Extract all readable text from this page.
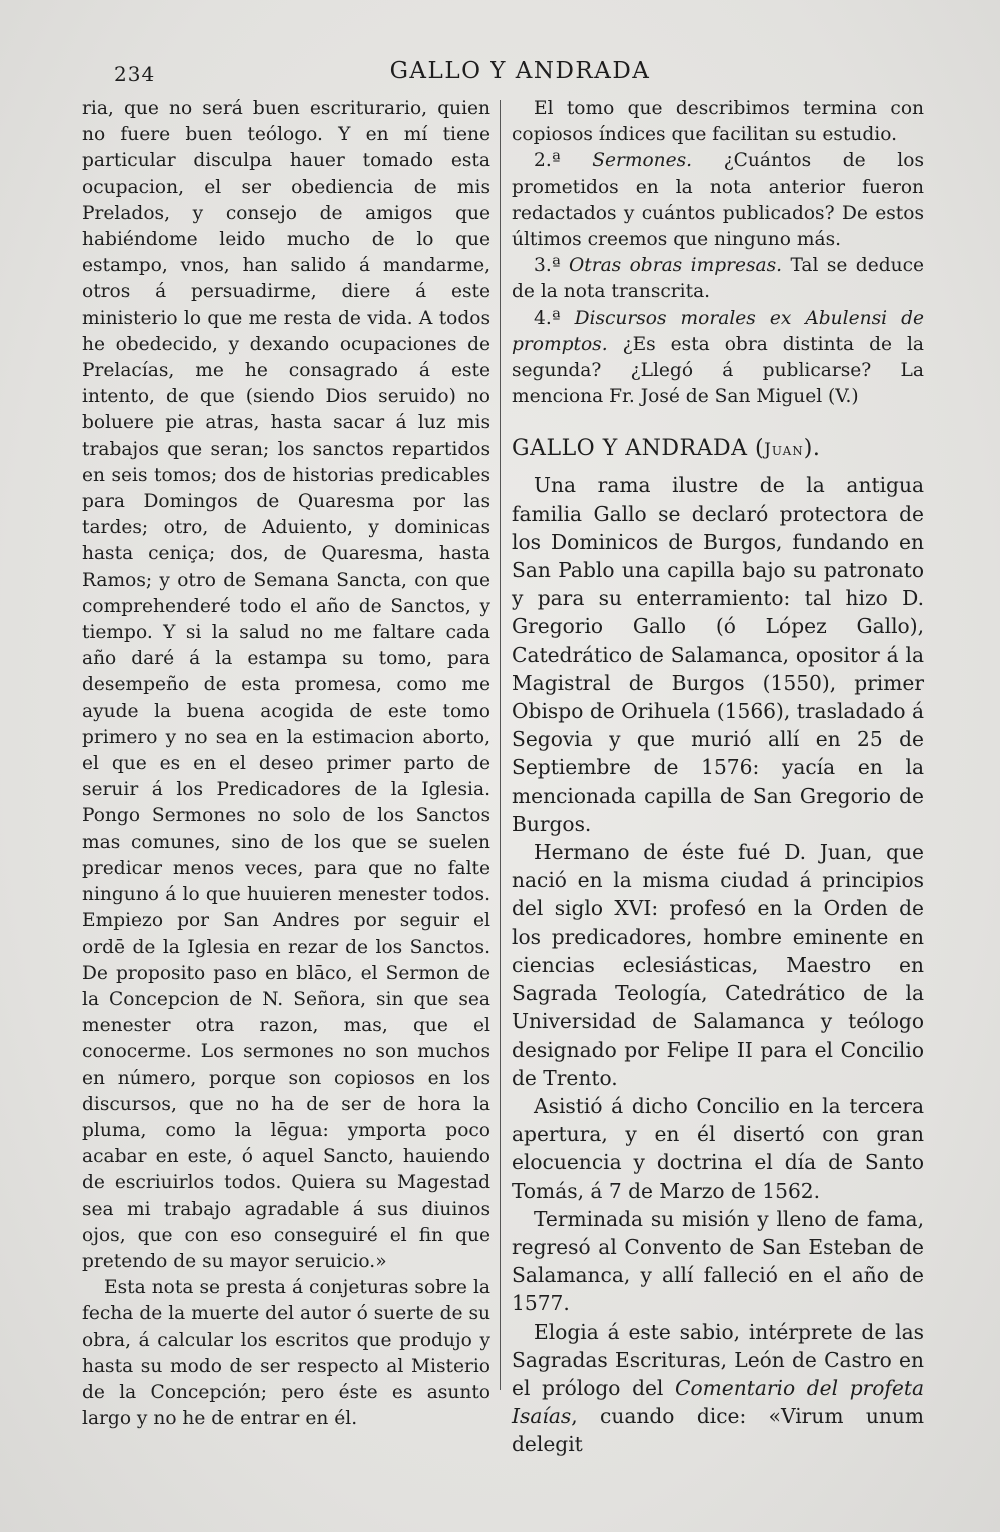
234	GALLO Y ANDRADA

ria, que no será buen escriturario, quien no fuere buen teólogo. Y en mí tiene particular disculpa hauer tomado esta ocupacion, el ser obediencia de mis Prelados, y consejo de amigos que habiéndome leido mucho de lo que estampo, vnos, han salido á mandarme, otros á persuadirme, diere á este ministerio lo que me resta de vida. A todos he obedecido, y dexando ocupaciones de Prelacías, me he consagrado á este intento, de que (siendo Dios seruido) no boluere pie atras, hasta sacar á luz mis trabajos que seran; los sanctos repartidos en seis tomos; dos de historias predicables para Domingos de Quaresma por las tardes; otro, de Aduiento, y dominicas hasta ceniça; dos, de Quaresma, hasta Ramos; y otro de Semana Sancta, con que comprehenderé todo el año de Sanctos, y tiempo. Y si la salud no me faltare cada año daré á la estampa su tomo, para desempeño de esta promesa, como me ayude la buena acogida de este tomo primero y no sea en la estimacion aborto, el que es en el deseo primer parto de seruir á los Predicadores de la Iglesia. Pongo Sermones no solo de los Sanctos mas comunes, sino de los que se suelen predicar menos veces, para que no falte ninguno á lo que huuieren menester todos. Empiezo por San Andres por seguir el ordē de la Iglesia en rezar de los Sanctos. De proposito paso en blāco, el Sermon de la Concepcion de N. Señora, sin que sea menester otra razon, mas, que el conocerme. Los sermones no son muchos en número, porque son copiosos en los discursos, que no ha de ser de hora la pluma, como la lēgua: ymporta poco acabar en este, ó aquel Sancto, hauiendo de escriuirlos todos. Quiera su Magestad sea mi trabajo agradable á sus diuinos ojos, que con eso conseguiré el fin que pretendo de su mayor seruicio.»

Esta nota se presta á conjeturas sobre la fecha de la muerte del autor ó suerte de su obra, á calcular los escritos que produjo y hasta su modo de ser respecto al Misterio de la Concepción; pero éste es asunto largo y no he de entrar en él.

El tomo que describimos termina con copiosos índices que facilitan su estudio.

2.ª Sermones. ¿Cuántos de los prometidos en la nota anterior fueron redactados y cuántos publicados? De estos últimos creemos que ninguno más.

3.ª Otras obras impresas. Tal se deduce de la nota transcrita.

4.ª Discursos morales ex Abulensi de promptos. ¿Es esta obra distinta de la segunda? ¿Llegó á publicarse? La menciona Fr. José de San Miguel (V.)

GALLO Y ANDRADA (Juan).

Una rama ilustre de la antigua familia Gallo se declaró protectora de los Dominicos de Burgos, fundando en San Pablo una capilla bajo su patronato y para su enterramiento: tal hizo D. Gregorio Gallo (ó López Gallo), Catedrático de Salamanca, opositor á la Magistral de Burgos (1550), primer Obispo de Orihuela (1566), trasladado á Segovia y que murió allí en 25 de Septiembre de 1576: yacía en la mencionada capilla de San Gregorio de Burgos.

Hermano de éste fué D. Juan, que nació en la misma ciudad á principios del siglo XVI: profesó en la Orden de los predicadores, hombre eminente en ciencias eclesiásticas, Maestro en Sagrada Teología, Catedrático de la Universidad de Salamanca y teólogo designado por Felipe II para el Concilio de Trento.

Asistió á dicho Concilio en la tercera apertura, y en él disertó con gran elocuencia y doctrina el día de Santo Tomás, á 7 de Marzo de 1562.

Terminada su misión y lleno de fama, regresó al Convento de San Esteban de Salamanca, y allí falleció en el año de 1577.

Elogia á este sabio, intérprete de las Sagradas Escrituras, León de Castro en el prólogo del Comentario del profeta Isaías, cuando dice: «Virum unum delegit
